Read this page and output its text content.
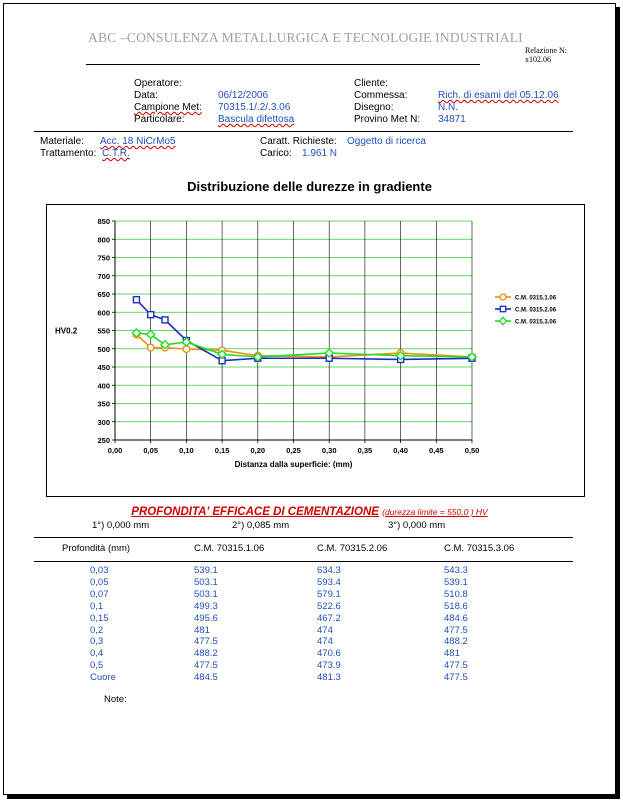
ABC –CONSULENZA METALLURGICA E TECNOLOGIE INDUSTRIALI
Relazione N:
x102.06
Operatore:
Data:	06/12/2006
Campione Met: 70315.1/.2/.3.06
Particolare:	Bascula difettosa
Cliente:
Commessa:	Rich. di esami del 05.12.06
Disegno:	N.N.
Provino Met N: 34871
Materiale: Acc. 18 NiCrMo5
Trattamento: C.T.R.
Caratt. Richieste: Oggetto di ricerca
Carico: 1.961 N
Distribuzione delle durezze in gradiente
850
800
750
700
650
600
550
500
450
400
350
300
250
0,00	0,05	0,10	0,15	0,20	0,25	0,30	0,35	0,40	0,45	0,50
HV0.2
Distanza dalla superficie: (mm)
C.M. 0315.1.06
C.M. 0315.2.06
C.M. 0315.3.06
PROFONDITA' EFFICACE DI CEMENTAZIONE (durezza limite = 550,0 ) HV
1°) 0,000 mm	2°) 0,085 mm	3°) 0,000 mm
Profondità (mm)	C.M. 70315.1.06	C.M. 70315.2.06	C.M. 70315.3.06
0,03	539.1	634.3	543.3
0,05	503.1	593.4	539.1
0,07	503.1	579.1	510.8
0,1	499.3	522.6	518.6
0,15	495.6	467.2	484.6
0,2	481	474	477.5
0,3	477.5	474	488.2
0,4	488.2	470.6	481
0,5	477.5	473.9	477.5
Cuore	484.5	481.3	477.5
Note:
